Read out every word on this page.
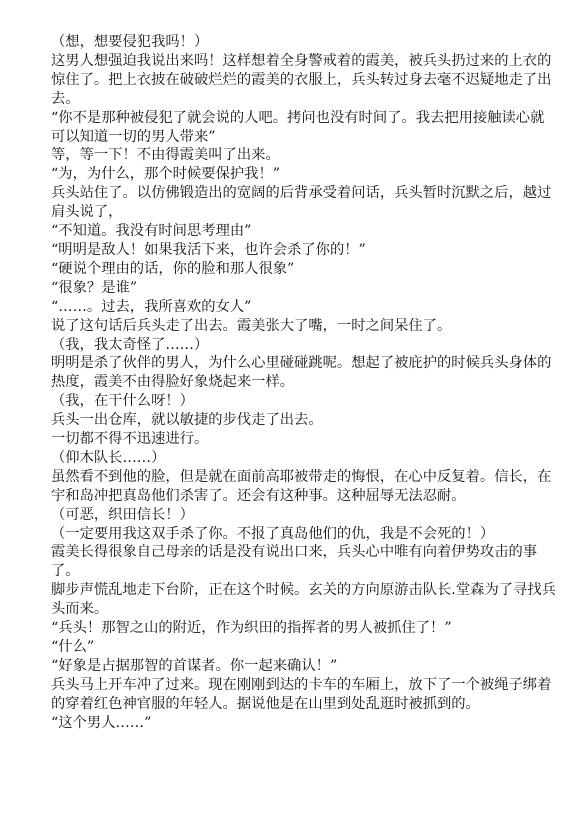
（想，想要侵犯我吗！）

这男人想强迫我说出来吗！这样想着全身警戒着的霞美，被兵头扔过来的上衣的惊住了。把上衣披在破破烂烂的霞美的衣服上，兵头转过身去毫不迟疑地走了出去。

“你不是那种被侵犯了就会说的人吧。拷问也没有时间了。我去把用接触读心就可以知道一切的男人带来”

等，等一下！不由得霞美叫了出来。

“为，为什么，那个时候要保护我！”

兵头站住了。以仿佛锻造出的宽阔的后背承受着问话，兵头暂时沉默之后，越过肩头说了，

“不知道。我没有时间思考理由”

“明明是敌人！如果我活下来，也许会杀了你的！”

“硬说个理由的话，你的脸和那人很象”

“很象？是谁”

“……。过去，我所喜欢的女人”

说了这句话后兵头走了出去。霞美张大了嘴，一时之间呆住了。

（我，我太奇怪了……）

明明是杀了伙伴的男人，为什么心里碰碰跳呢。想起了被庇护的时候兵头身体的热度，霞美不由得脸好象烧起来一样。

（我，在干什么呀！）

兵头一出仓库，就以敏捷的步伐走了出去。

一切都不得不迅速进行。

（仰木队长……）

虽然看不到他的脸，但是就在面前高耶被带走的悔恨，在心中反复着。信长，在宇和岛冲把真岛他们杀害了。还会有这种事。这种屈辱无法忍耐。

（可恶，织田信长！）

（一定要用我这双手杀了你。不报了真岛他们的仇，我是不会死的！）

霞美长得很象自己母亲的话是没有说出口来，兵头心中唯有向着伊势攻击的事了。

脚步声慌乱地走下台阶，正在这个时候。玄关的方向原游击队长.堂森为了寻找兵头而来。

“兵头！那智之山的附近，作为织田的指挥者的男人被抓住了！”

“什么”

“好象是占据那智的首谋者。你一起来确认！”

兵头马上开车冲了过来。现在刚刚到达的卡车的车厢上，放下了一个被绳子绑着的穿着红色神官服的年轻人。据说他是在山里到处乱逛时被抓到的。

“这个男人……”
